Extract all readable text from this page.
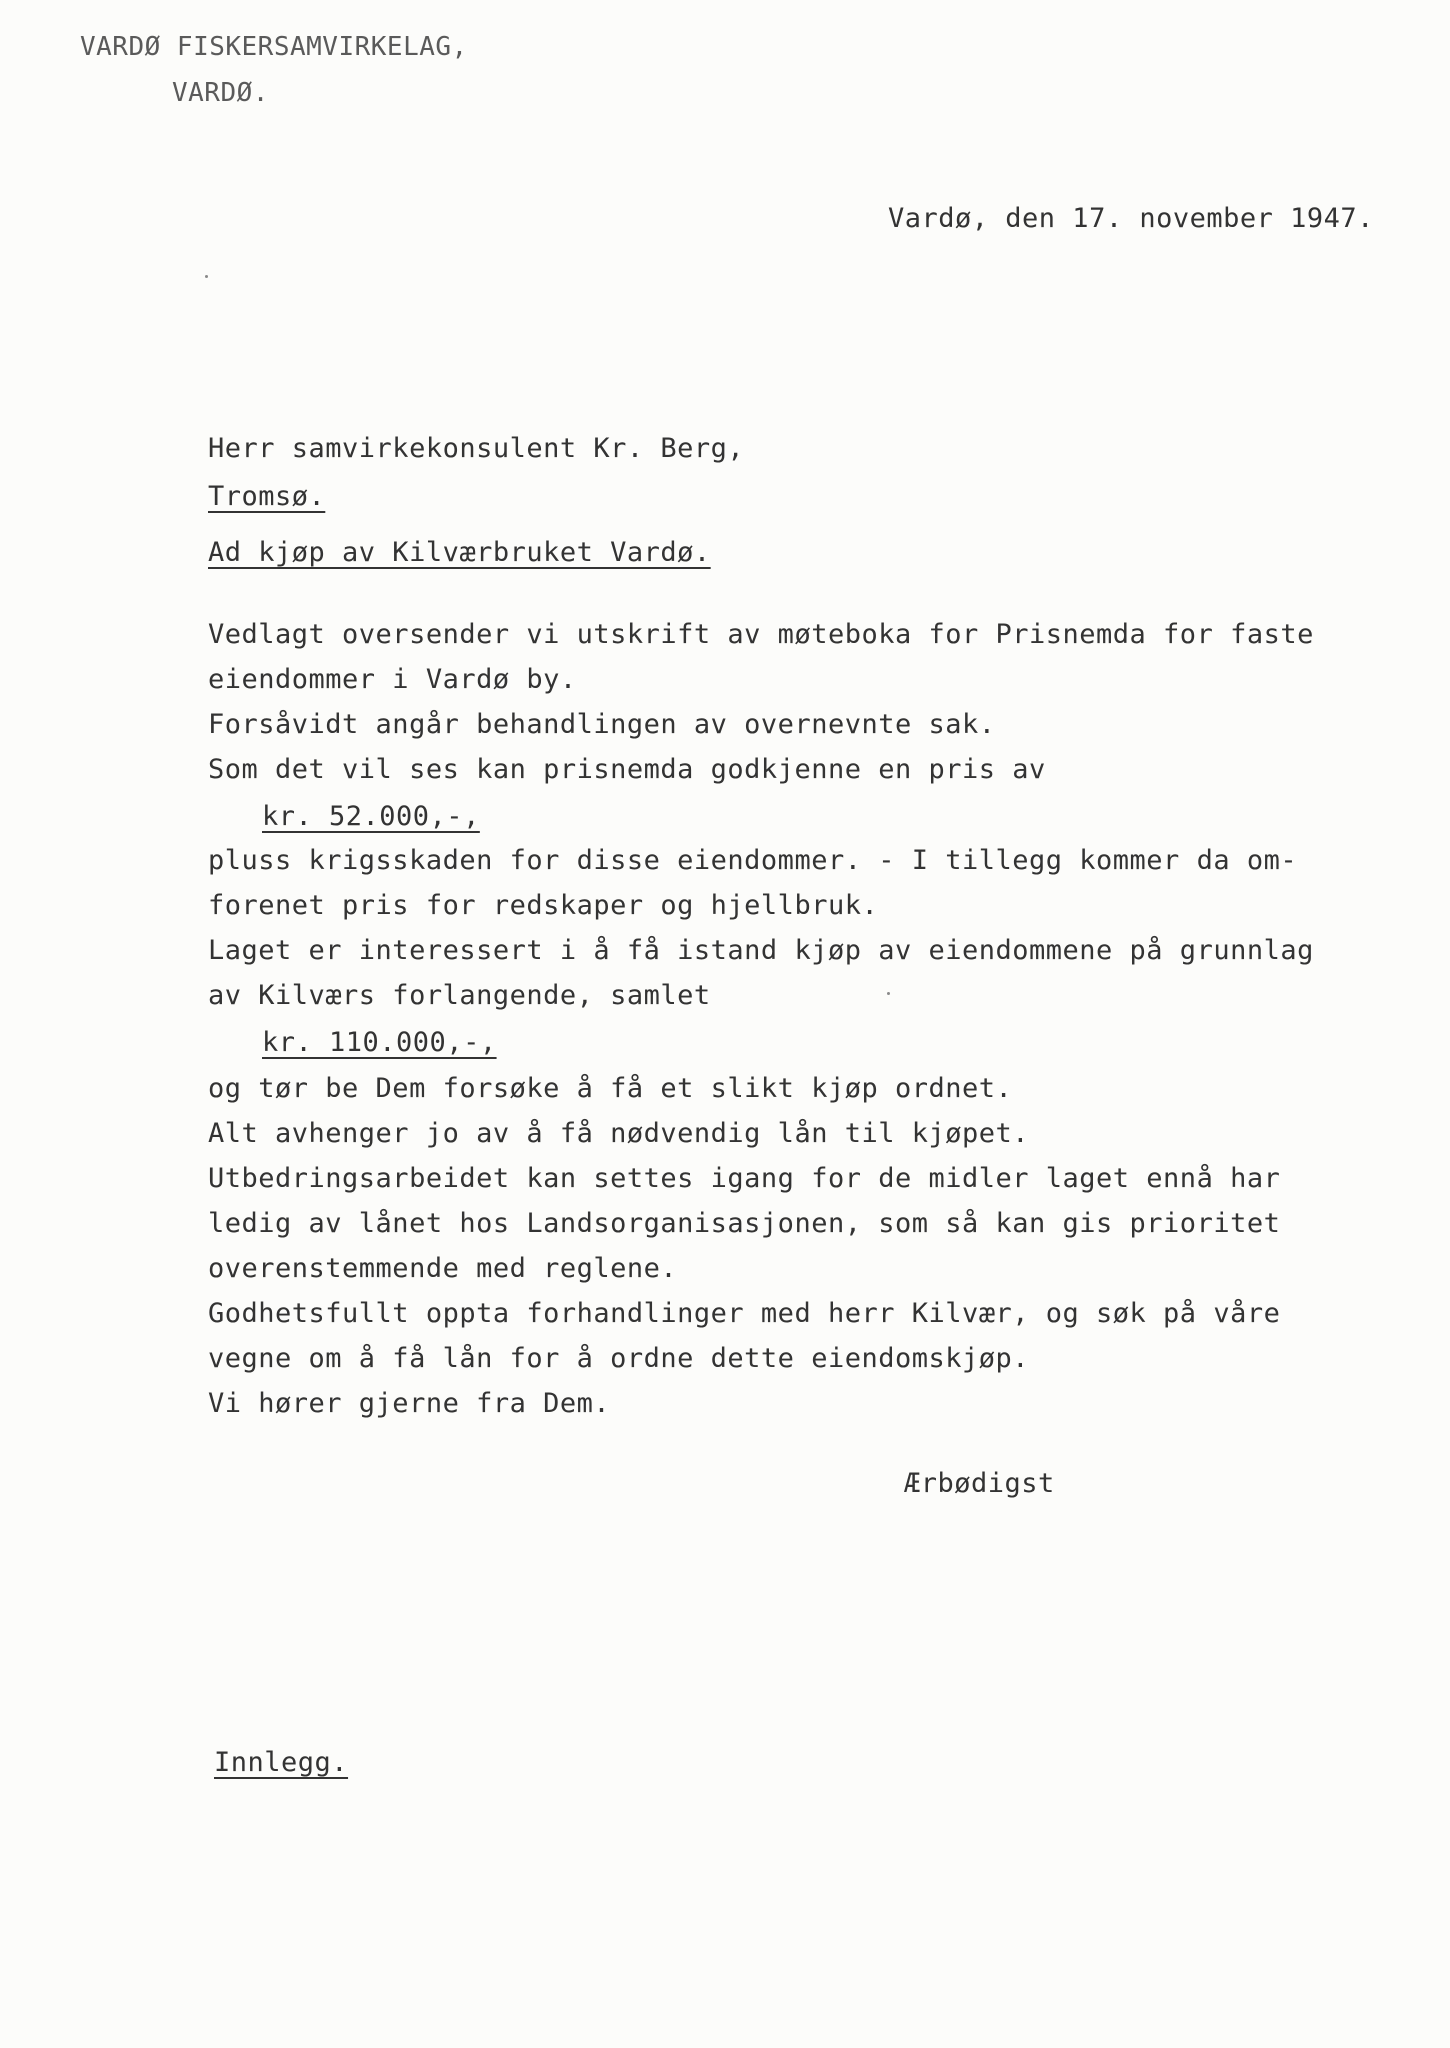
VARDØ FISKERSAMVIRKELAG,
VARDØ.
Vardø, den 17. november 1947.
Herr samvirkekonsulent Kr. Berg,
Tromsø.
Ad kjøp av Kilværbruket Vardø.
Vedlagt oversender vi utskrift av møteboka for Prisnemda for faste
eiendommer i Vardø by.
Forsåvidt angår behandlingen av overnevnte sak.
Som det vil ses kan prisnemda godkjenne en pris av
kr. 52.000,-,
pluss krigsskaden for disse eiendommer. - I tillegg kommer da om-
forenet pris for redskaper og hjellbruk.
Laget er interessert i å få istand kjøp av eiendommene på grunnlag
av Kilværs forlangende, samlet
kr. 110.000,-,
og tør be Dem forsøke å få et slikt kjøp ordnet.
Alt avhenger jo av å få nødvendig lån til kjøpet.
Utbedringsarbeidet kan settes igang for de midler laget ennå har
ledig av lånet hos Landsorganisasjonen, som så kan gis prioritet
overenstemmende med reglene.
Godhetsfullt oppta forhandlinger med herr Kilvær, og søk på våre
vegne om å få lån for å ordne dette eiendomskjøp.
Vi hører gjerne fra Dem.
Ærbødigst
Innlegg.
